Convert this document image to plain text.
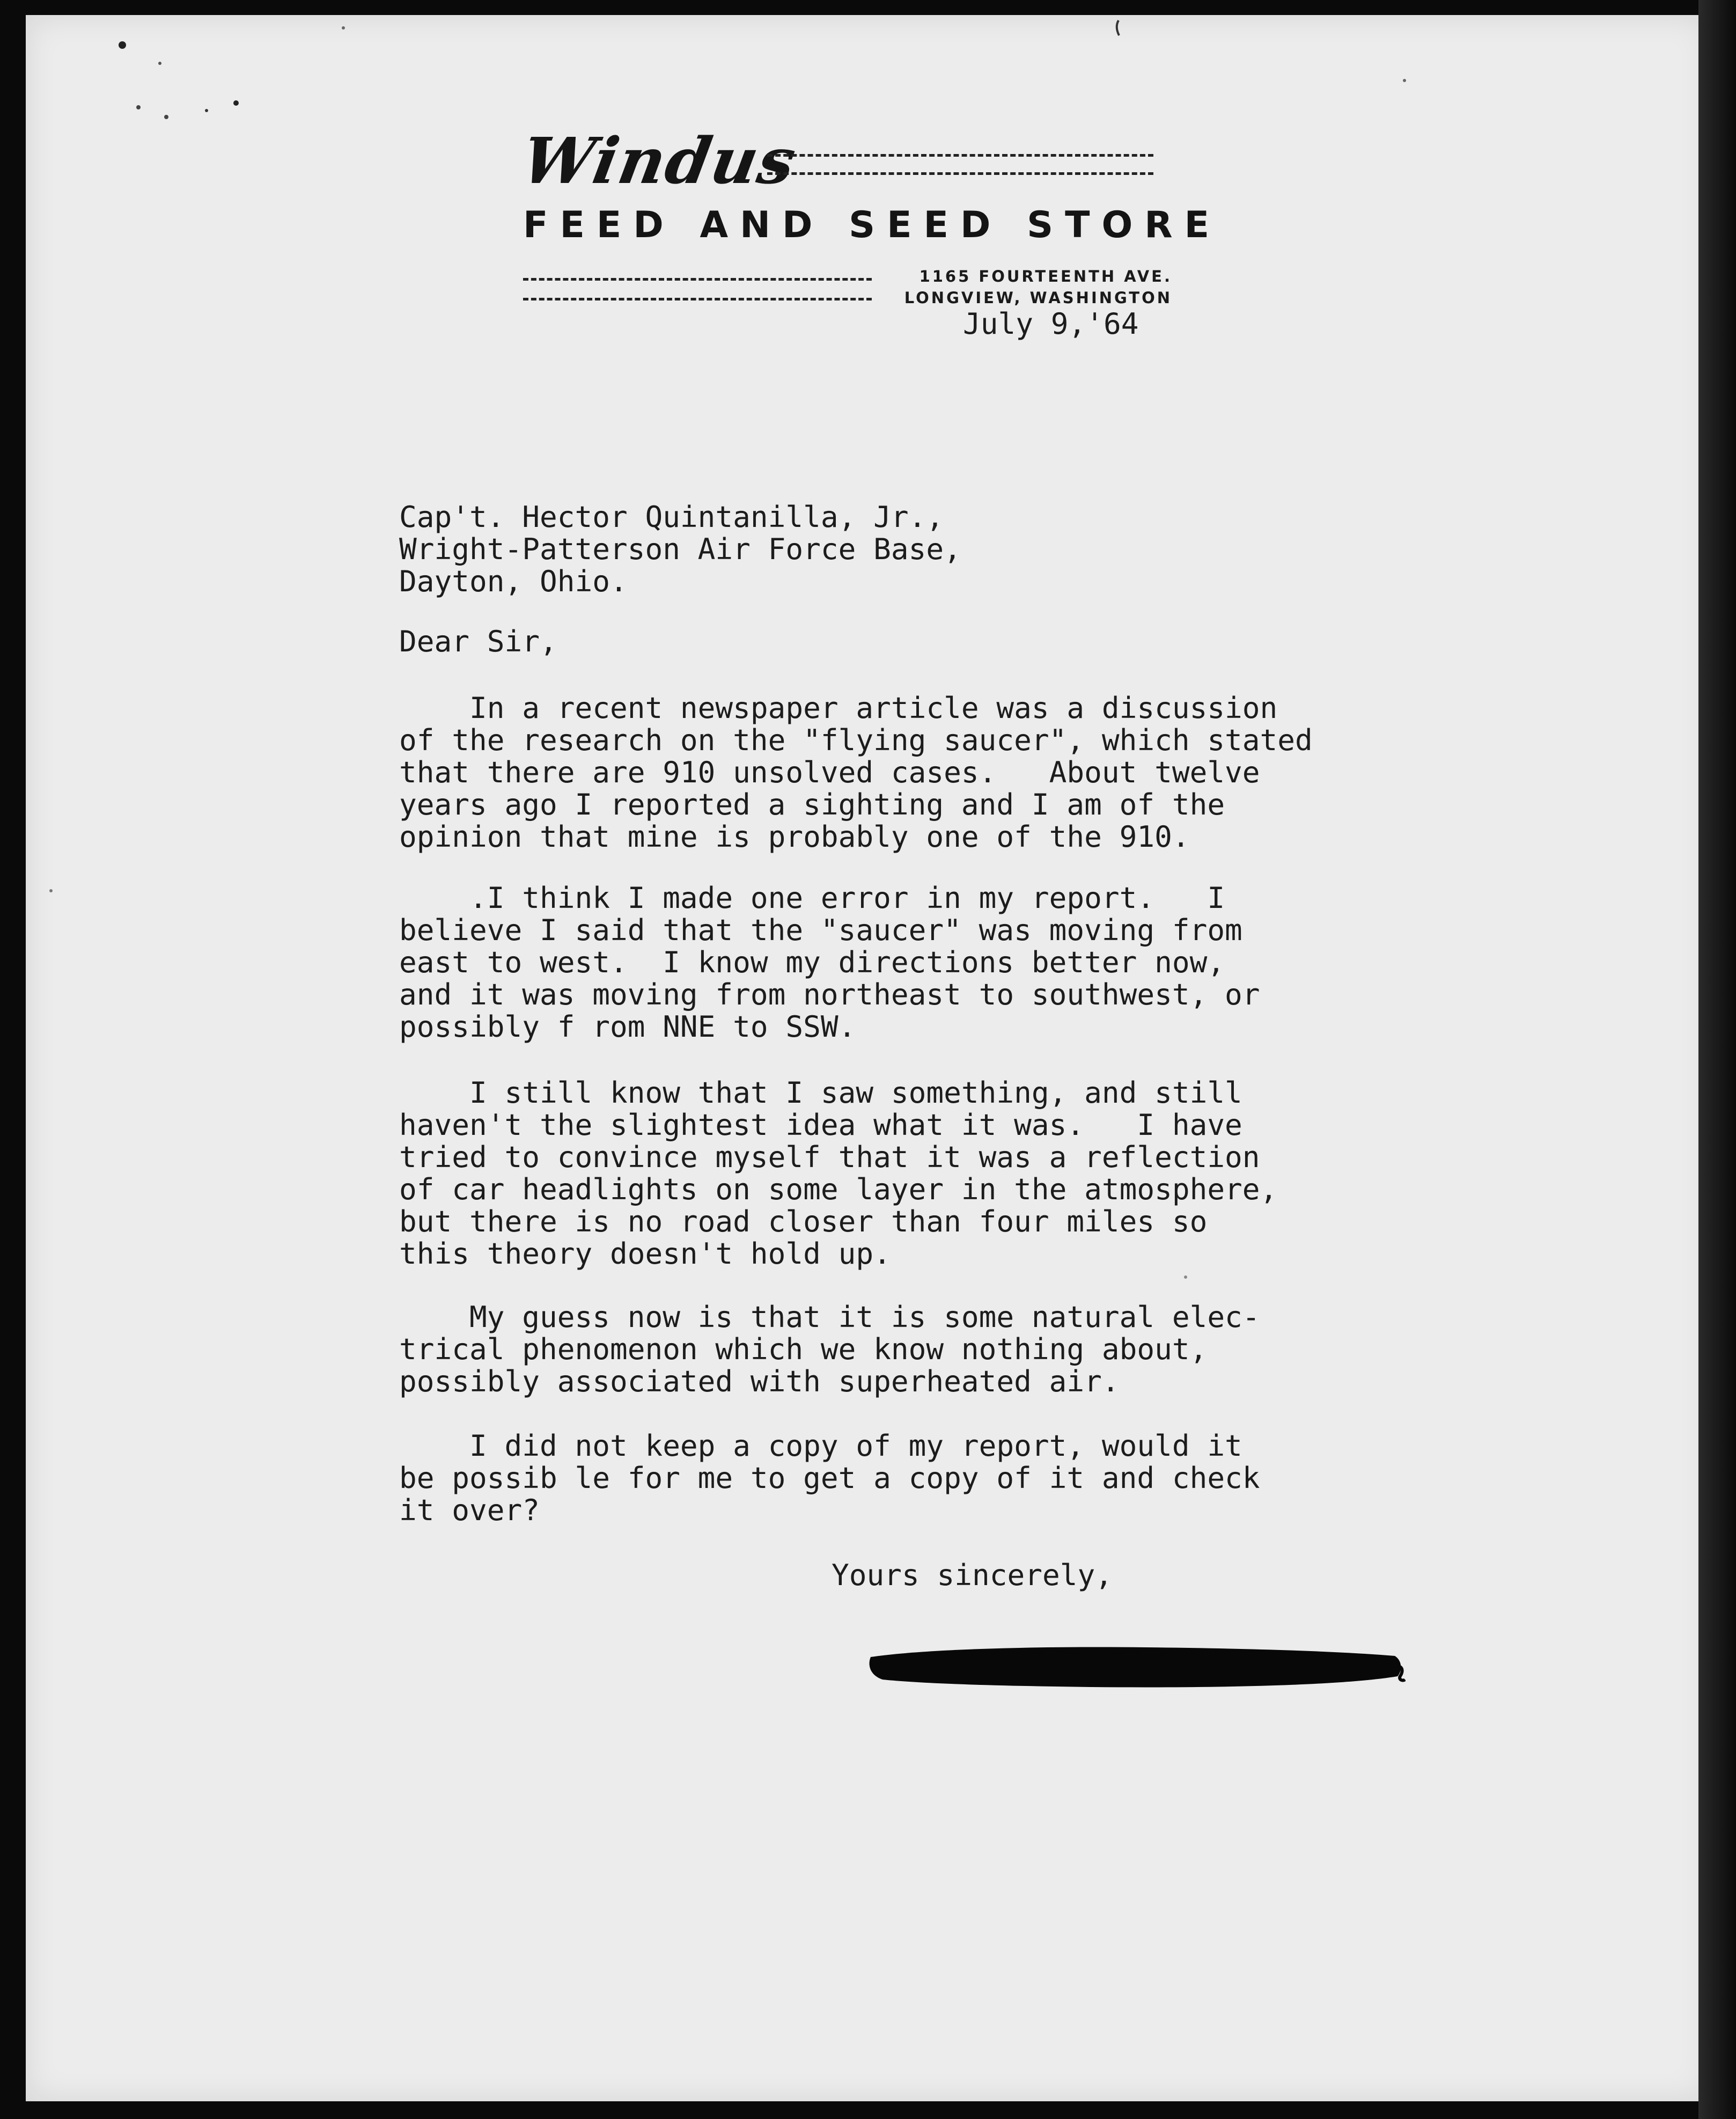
Windus
FEED AND SEED STORE
1165 FOURTEENTH AVE.
LONGVIEW, WASHINGTON
July 9,'64
Cap't. Hector Quintanilla, Jr.,
Wright-Patterson Air Force Base,
Dayton, Ohio.
Dear Sir,
In a recent newspaper article was a discussion
of the research on the "flying saucer", which stated
that there are 910 unsolved cases.   About twelve
years ago I reported a sighting and I am of the
opinion that mine is probably one of the 910.
.I think I made one error in my report.   I
believe I said that the "saucer" was moving from
east to west.  I know my directions better now,
and it was moving from northeast to southwest, or
possibly f rom NNE to SSW.
I still know that I saw something, and still
haven't the slightest idea what it was.   I have
tried to convince myself that it was a reflection
of car headlights on some layer in the atmosphere,
but there is no road closer than four miles so
this theory doesn't hold up.
My guess now is that it is some natural elec-
trical phenomenon which we know nothing about,
possibly associated with superheated air.
I did not keep a copy of my report, would it
be possib le for me to get a copy of it and check
it over?
Yours sincerely,
